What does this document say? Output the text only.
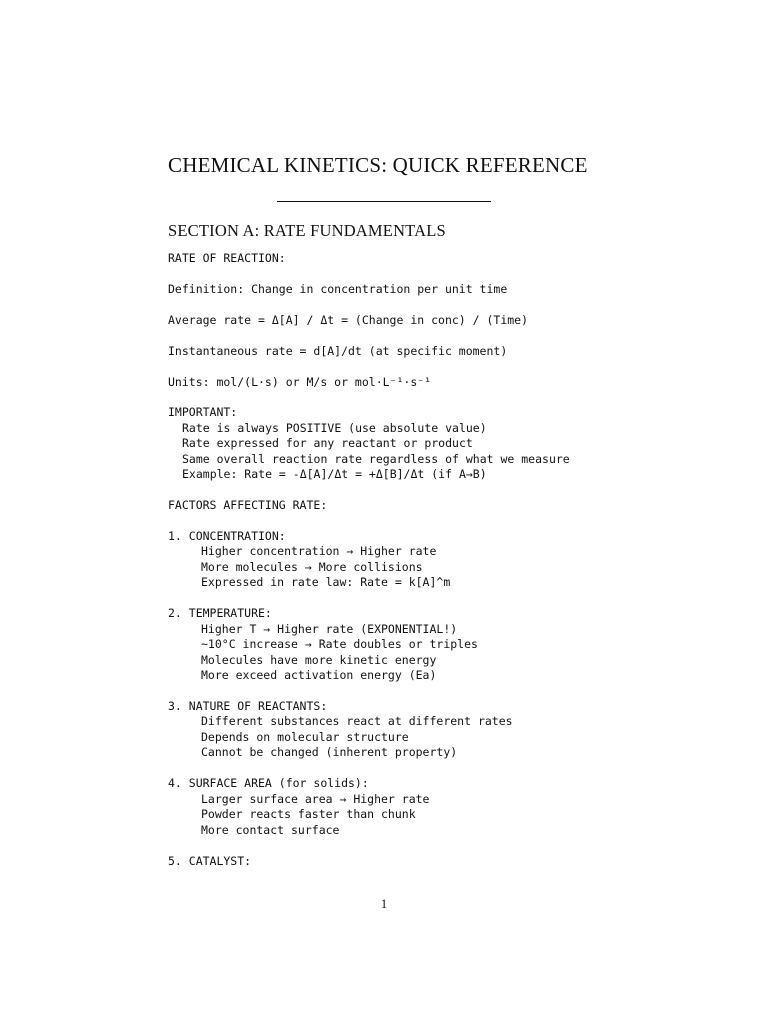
CHEMICAL KINETICS: QUICK REFERENCE
SECTION A: RATE FUNDAMENTALS
RATE OF REACTION:
Definition: Change in concentration per unit time
Average rate = Δ[A] / Δt = (Change in conc) / (Time)
Instantaneous rate = d[A]/dt (at specific moment)
Units: mol/(L·s) or M/s or mol·L⁻¹·s⁻¹
IMPORTANT:
Rate is always POSITIVE (use absolute value)
Rate expressed for any reactant or product
Same overall reaction rate regardless of what we measure
Example: Rate = -Δ[A]/Δt = +Δ[B]/Δt (if A→B)
FACTORS AFFECTING RATE:
1. CONCENTRATION:
Higher concentration → Higher rate
More molecules → More collisions
Expressed in rate law: Rate = k[A]^m
2. TEMPERATURE:
Higher T → Higher rate (EXPONENTIAL!)
~10°C increase → Rate doubles or triples
Molecules have more kinetic energy
More exceed activation energy (Ea)
3. NATURE OF REACTANTS:
Different substances react at different rates
Depends on molecular structure
Cannot be changed (inherent property)
4. SURFACE AREA (for solids):
Larger surface area → Higher rate
Powder reacts faster than chunk
More contact surface
5. CATALYST:
1
